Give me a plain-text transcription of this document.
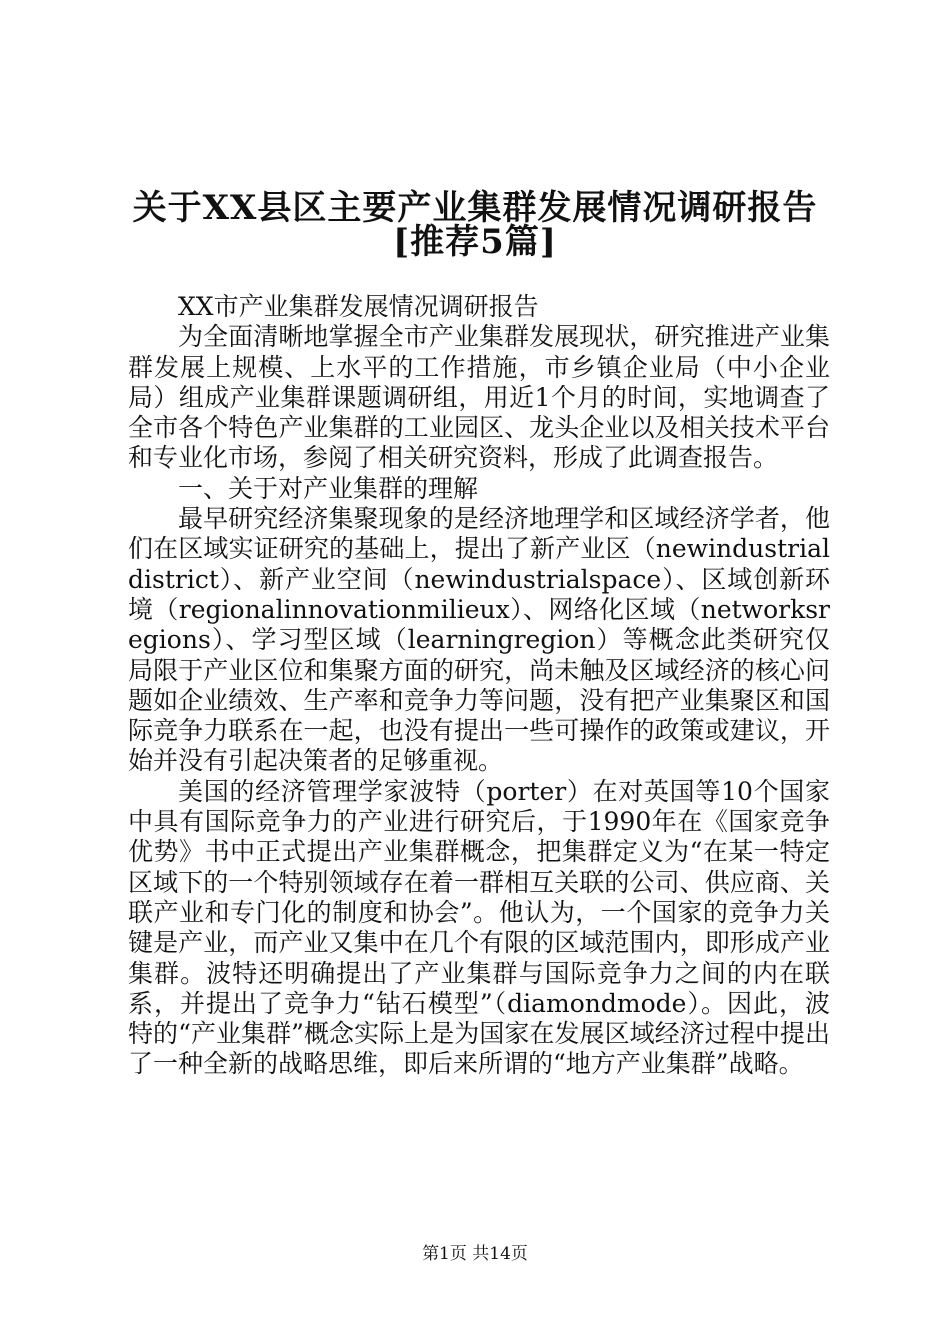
关于XX县区主要产业集群发展情况调研报告
[推荐5篇]

XX市产业集群发展情况调研报告

为全面清晰地掌握全市产业集群发展现状，研究推进产业集群发展上规模、上水平的工作措施，市乡镇企业局（中小企业局）组成产业集群课题调研组，用近1个月的时间，实地调查了全市各个特色产业集群的工业园区、龙头企业以及相关技术平台和专业化市场，参阅了相关研究资料，形成了此调查报告。

一、关于对产业集群的理解

最早研究经济集聚现象的是经济地理学和区域经济学者，他们在区域实证研究的基础上，提出了新产业区（newindustrialdistrict）、新产业空间（newindustrialspace）、区域创新环境（regionalinnovationmilieux）、网络化区域（networksregions）、学习型区域（learningregion）等概念此类研究仅局限于产业区位和集聚方面的研究，尚未触及区域经济的核心问题如企业绩效、生产率和竞争力等问题，没有把产业集聚区和国际竞争力联系在一起，也没有提出一些可操作的政策或建议，开始并没有引起决策者的足够重视。

美国的经济管理学家波特（porter）在对英国等10个国家中具有国际竞争力的产业进行研究后，于1990年在《国家竞争优势》书中正式提出产业集群概念，把集群定义为“在某一特定区域下的一个特别领域存在着一群相互关联的公司、供应商、关联产业和专门化的制度和协会”。他认为，一个国家的竞争力关键是产业，而产业又集中在几个有限的区域范围内，即形成产业集群。波特还明确提出了产业集群与国际竞争力之间的内在联系，并提出了竞争力“钻石模型”（diamondmode）。因此，波特的“产业集群”概念实际上是为国家在发展区域经济过程中提出了一种全新的战略思维，即后来所谓的“地方产业集群”战略。

第1页 共14页
